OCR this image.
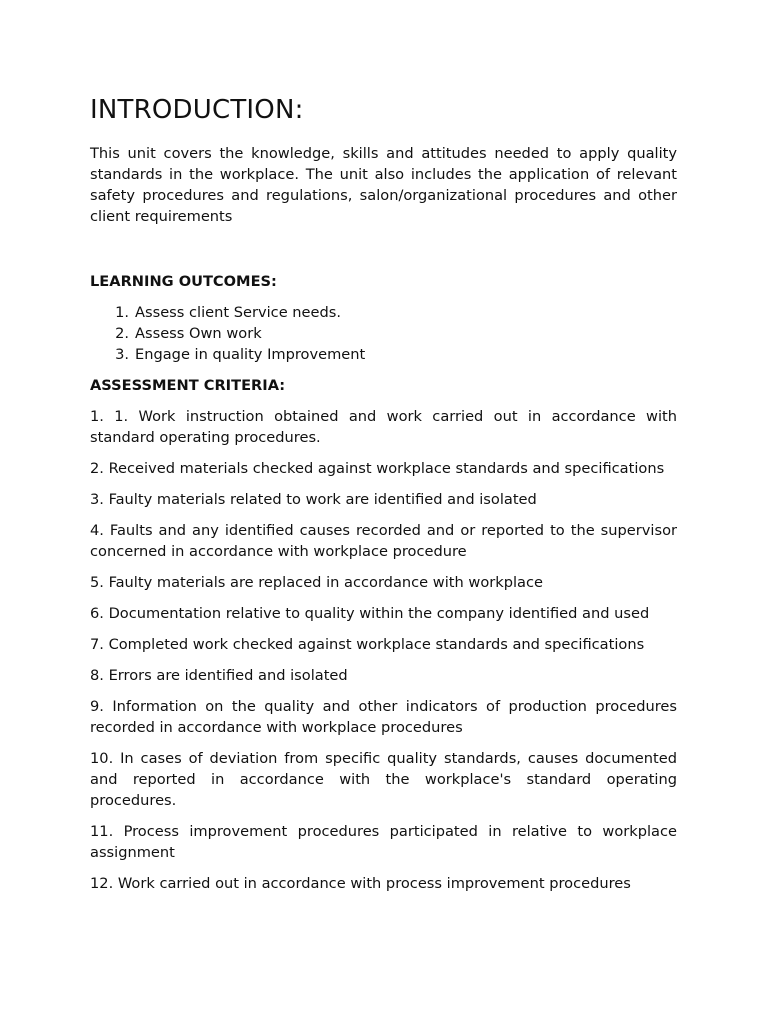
INTRODUCTION:

This unit covers the knowledge, skills and attitudes needed to apply quality standards in the workplace. The unit also includes the application of relevant safety procedures and regulations, salon/organizational procedures and other client requirements

LEARNING OUTCOMES:
1. Assess client Service needs.
2. Assess Own work
3. Engage in quality Improvement
ASSESSMENT CRITERIA:

1. 1. Work instruction obtained and work carried out in accordance with standard operating procedures.

2. Received materials checked against workplace standards and specifications

3. Faulty materials related to work are identified and isolated

4. Faults and any identified causes recorded and or reported to the supervisor concerned in accordance with workplace procedure

5. Faulty materials are replaced in accordance with workplace

6. Documentation relative to quality within the company identified and used

7. Completed work checked against workplace standards and specifications

8. Errors are identified and isolated

9. Information on the quality and other indicators of production procedures recorded in accordance with workplace procedures

10. In cases of deviation from specific quality standards, causes documented and reported in accordance with the workplace's standard operating procedures.

11. Process improvement procedures participated in relative to workplace assignment

12. Work carried out in accordance with process improvement procedures
